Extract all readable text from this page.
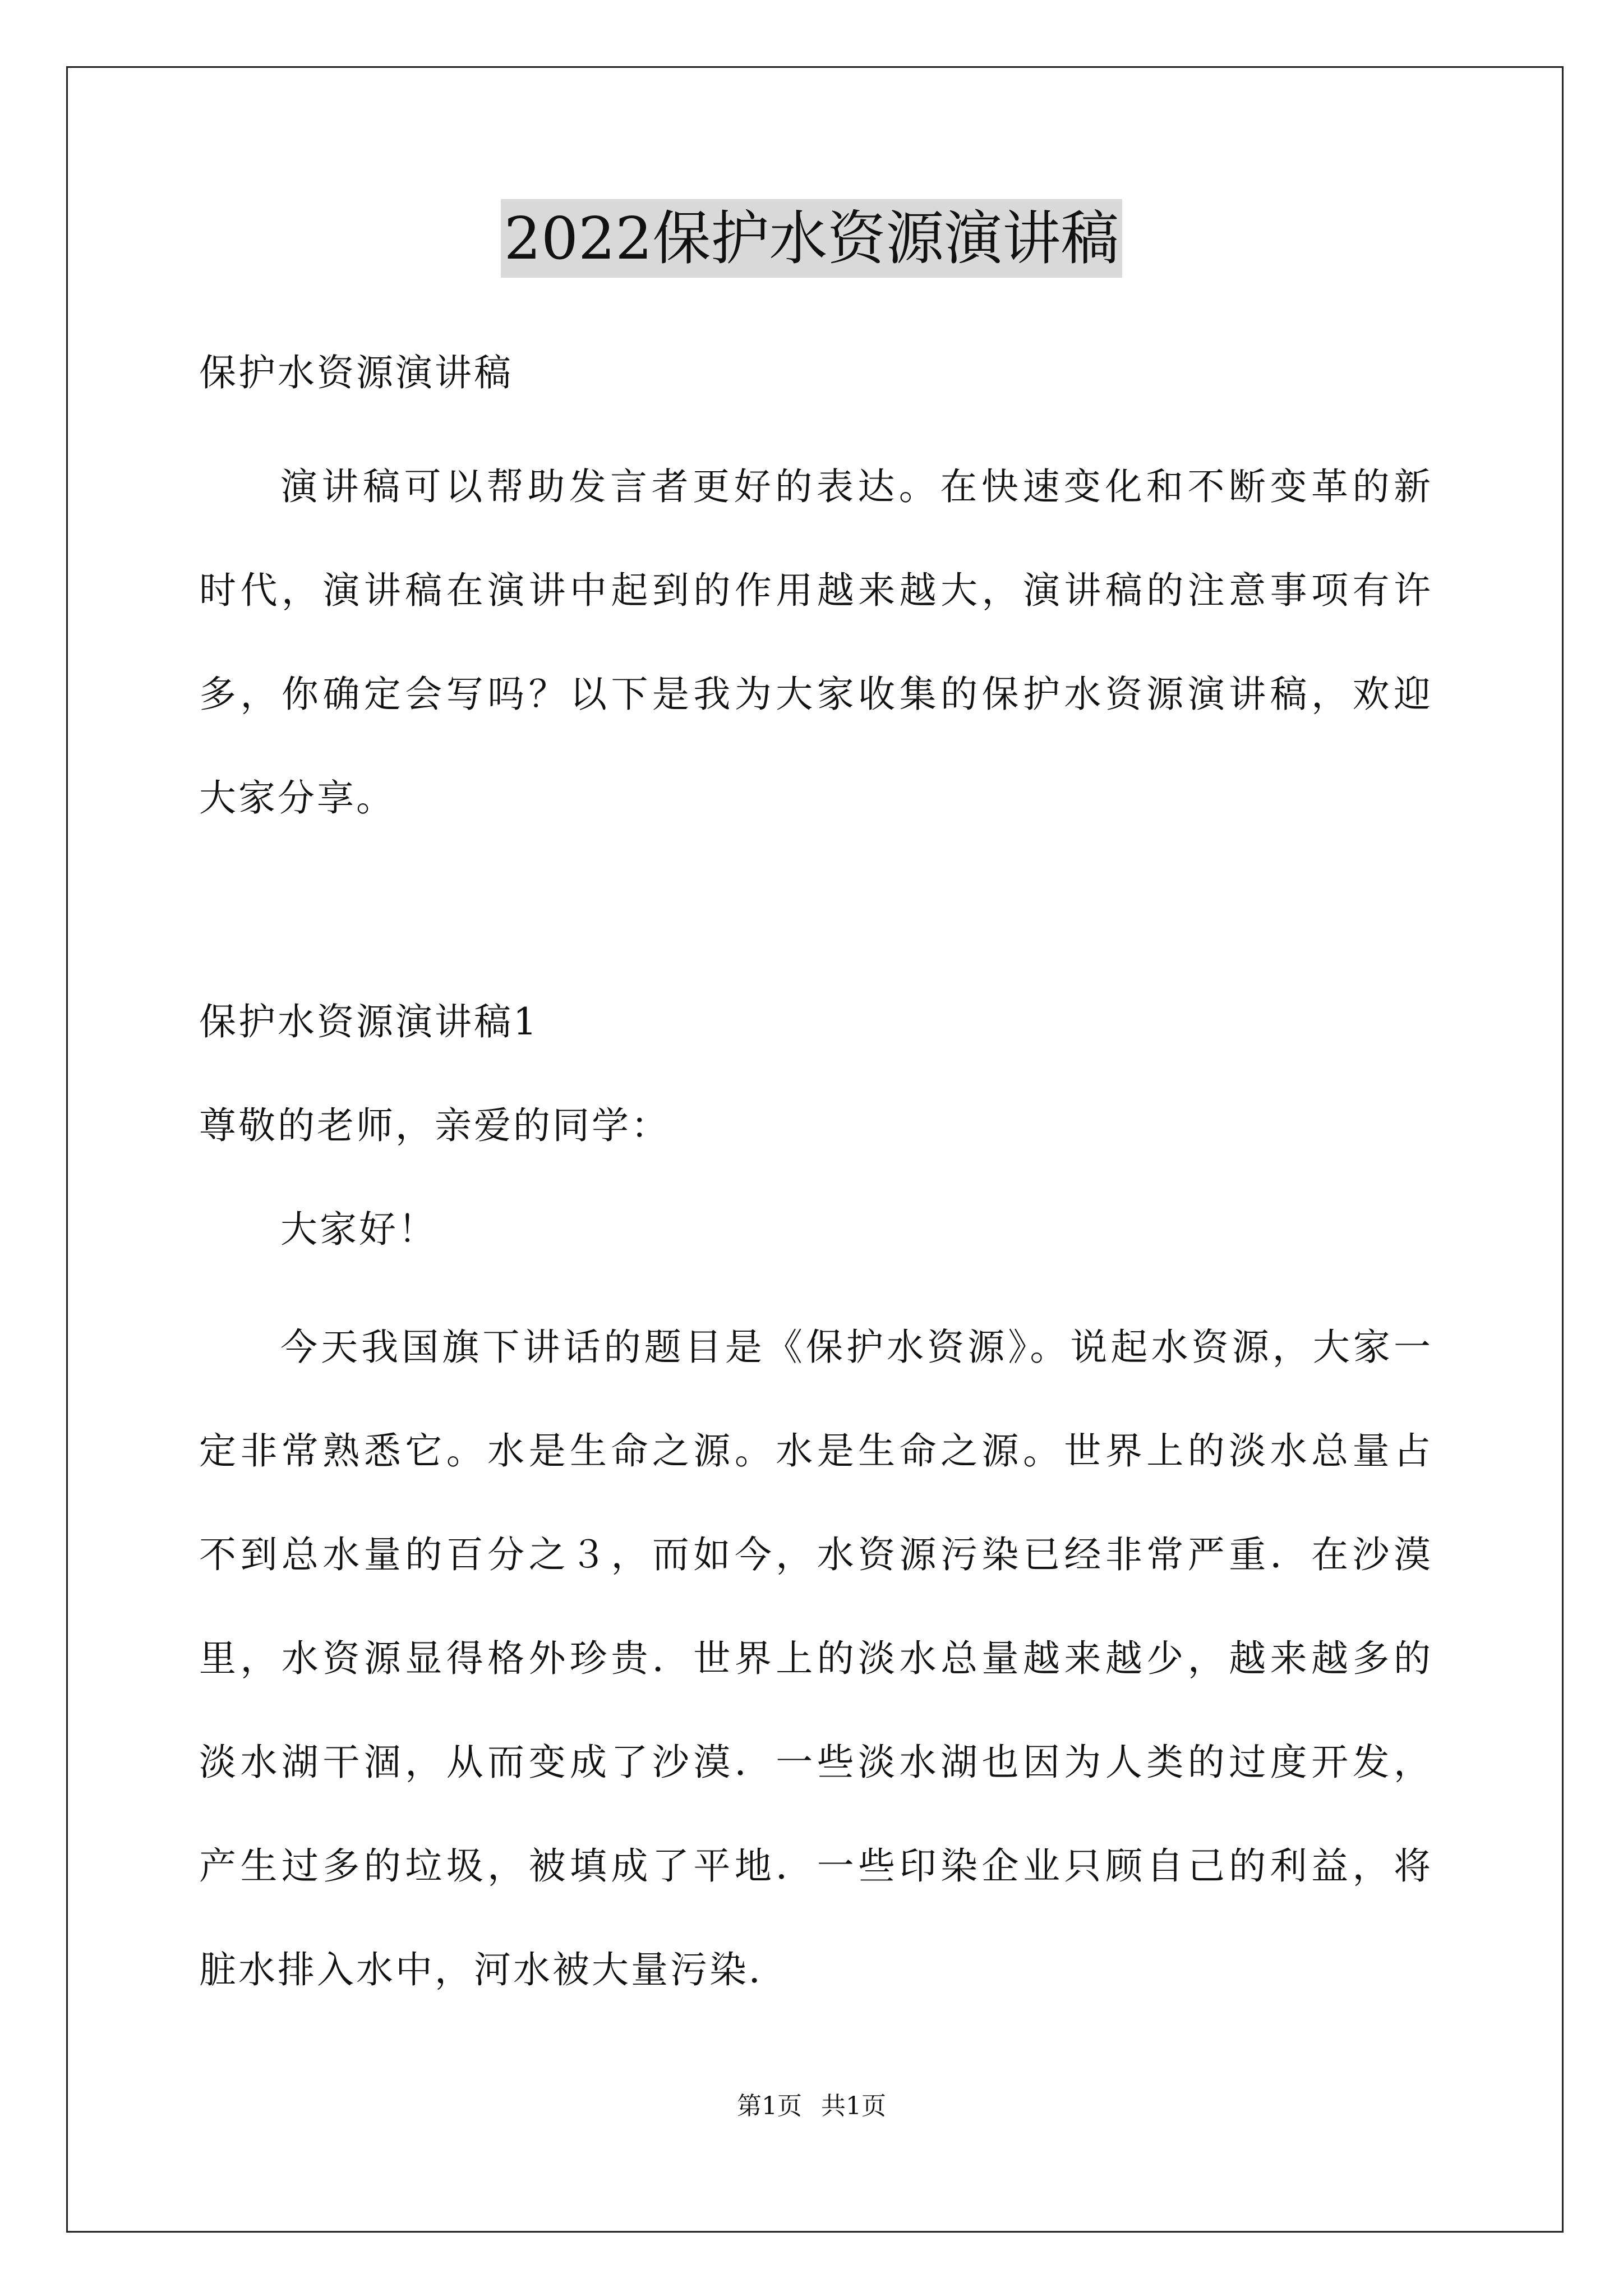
2022保护水资源演讲稿
保护水资源演讲稿
演讲稿可以帮助发言者更好的表达。在快速变化和不断变革的新
时代，演讲稿在演讲中起到的作用越来越大，演讲稿的注意事项有许
多，你确定会写吗？以下是我为大家收集的保护水资源演讲稿，欢迎
大家分享。
保护水资源演讲稿1
尊敬的老师，亲爱的同学：
大家好！
今天我国旗下讲话的题目是《保护水资源》。说起水资源，大家一
定非常熟悉它。水是生命之源。水是生命之源。世界上的淡水总量占
不到总水量的百分之３，而如今，水资源污染已经非常严重．在沙漠
里，水资源显得格外珍贵．世界上的淡水总量越来越少，越来越多的
淡水湖干涸，从而变成了沙漠．一些淡水湖也因为人类的过度开发，
产生过多的垃圾，被填成了平地．一些印染企业只顾自己的利益，将
脏水排入水中，河水被大量污染．
第1页 共1页
